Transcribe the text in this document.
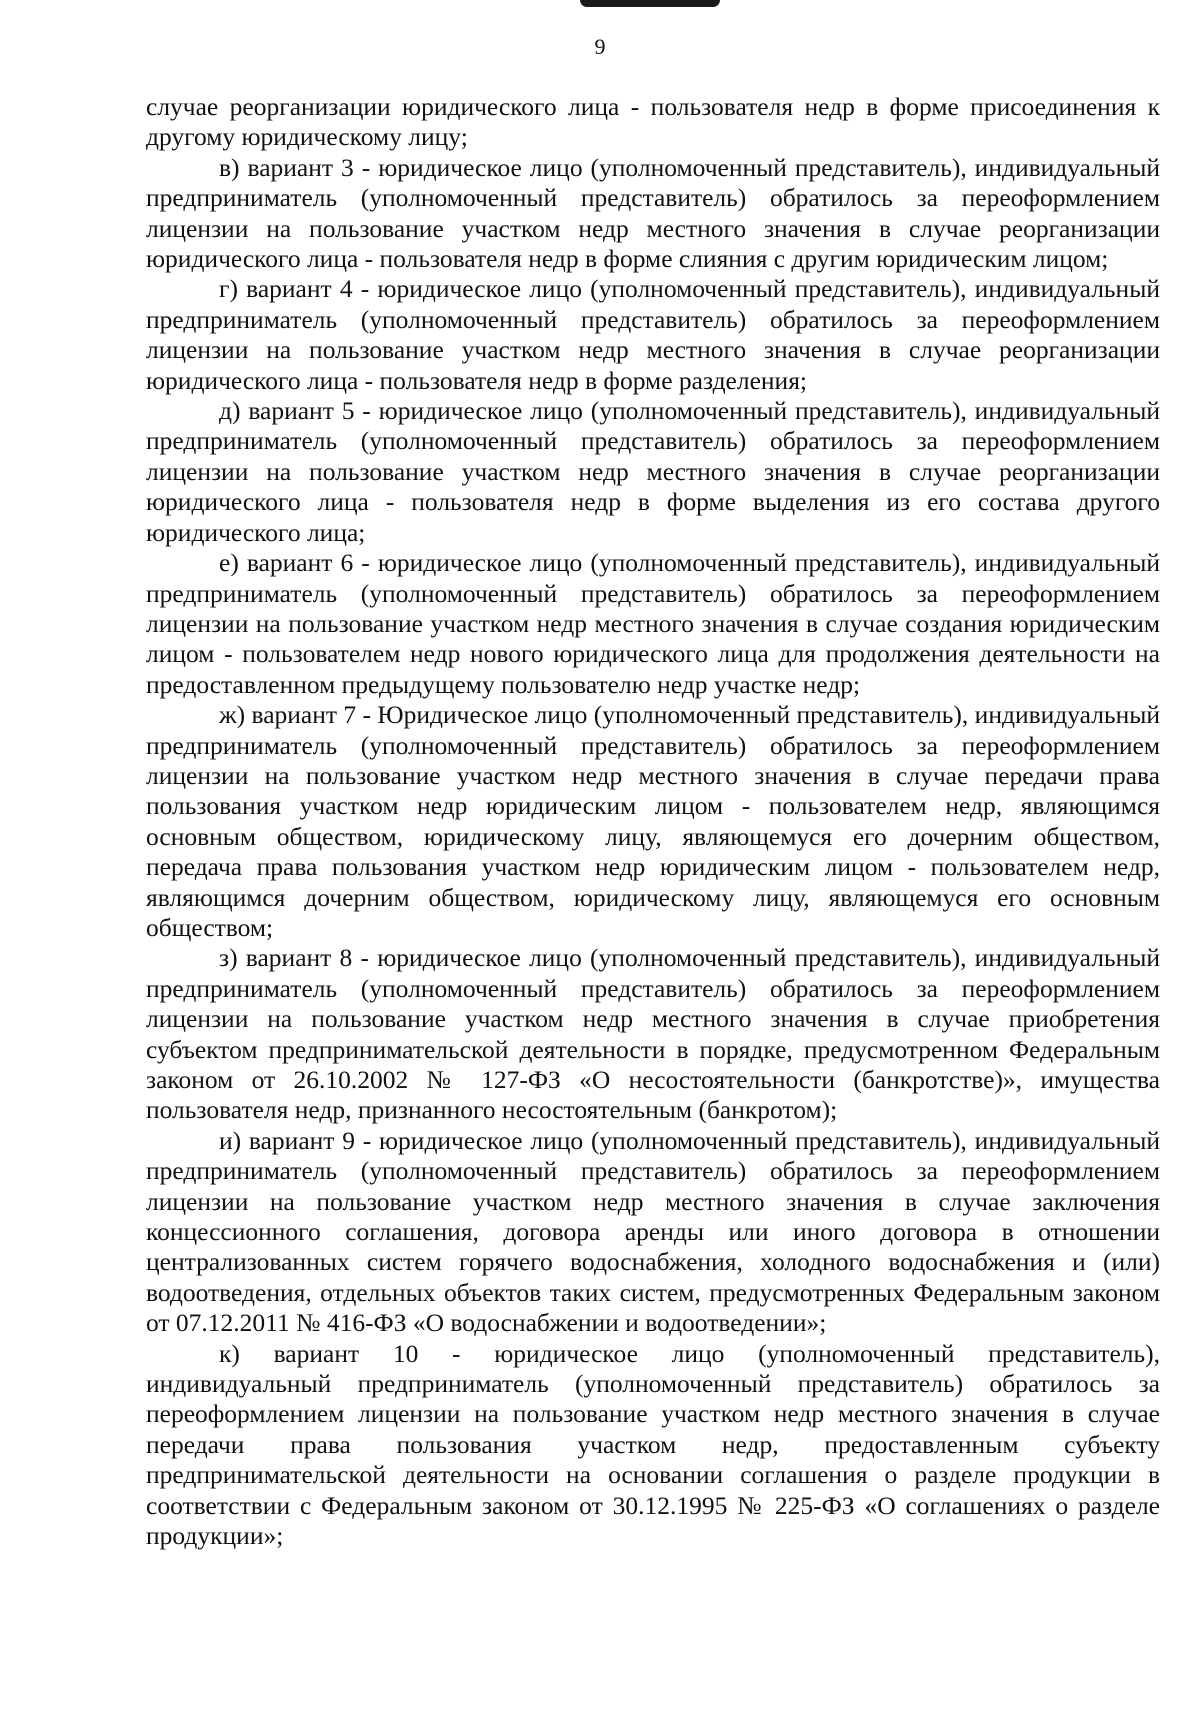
9

случае реорганизации юридического лица - пользователя недр в форме присоединения к другому юридическому лицу;

в) вариант 3 - юридическое лицо (уполномоченный представитель), индивидуальный предприниматель (уполномоченный представитель) обратилось за переоформлением лицензии на пользование участком недр местного значения в случае реорганизации юридического лица - пользователя недр в форме слияния с другим юридическим лицом;

г) вариант 4 - юридическое лицо (уполномоченный представитель), индивидуальный предприниматель (уполномоченный представитель) обратилось за переоформлением лицензии на пользование участком недр местного значения в случае реорганизации юридического лица - пользователя недр в форме разделения;

д) вариант 5 - юридическое лицо (уполномоченный представитель), индивидуальный предприниматель (уполномоченный представитель) обратилось за переоформлением лицензии на пользование участком недр местного значения в случае реорганизации юридического лица - пользователя недр в форме выделения из его состава другого юридического лица;

е) вариант 6 - юридическое лицо (уполномоченный представитель), индивидуальный предприниматель (уполномоченный представитель) обратилось за переоформлением лицензии на пользование участком недр местного значения в случае создания юридическим лицом - пользователем недр нового юридического лица для продолжения деятельности на предоставленном предыдущему пользователю недр участке недр;

ж) вариант 7 - Юридическое лицо (уполномоченный представитель), индивидуальный предприниматель (уполномоченный представитель) обратилось за переоформлением лицензии на пользование участком недр местного значения в случае передачи права пользования участком недр юридическим лицом - пользователем недр, являющимся основным обществом, юридическому лицу, являющемуся его дочерним обществом, передача права пользования участком недр юридическим лицом - пользователем недр, являющимся дочерним обществом, юридическому лицу, являющемуся его основным обществом;

з) вариант 8 - юридическое лицо (уполномоченный представитель), индивидуальный предприниматель (уполномоченный представитель) обратилось за переоформлением лицензии на пользование участком недр местного значения в случае приобретения субъектом предпринимательской деятельности в порядке, предусмотренном Федеральным законом от 26.10.2002 № 127-ФЗ «О несостоятельности (банкротстве)», имущества пользователя недр, признанного несостоятельным (банкротом);

и) вариант 9 - юридическое лицо (уполномоченный представитель), индивидуальный предприниматель (уполномоченный представитель) обратилось за переоформлением лицензии на пользование участком недр местного значения в случае заключения концессионного соглашения, договора аренды или иного договора в отношении централизованных систем горячего водоснабжения, холодного водоснабжения и (или) водоотведения, отдельных объектов таких систем, предусмотренных Федеральным законом от 07.12.2011 № 416-ФЗ «О водоснабжении и водоотведении»;

к) вариант 10 - юридическое лицо (уполномоченный представитель), индивидуальный предприниматель (уполномоченный представитель) обратилось за переоформлением лицензии на пользование участком недр местного значения в случае передачи права пользования участком недр, предоставленным субъекту предпринимательской деятельности на основании соглашения о разделе продукции в соответствии с Федеральным законом от 30.12.1995 № 225-ФЗ «О соглашениях о разделе продукции»;
